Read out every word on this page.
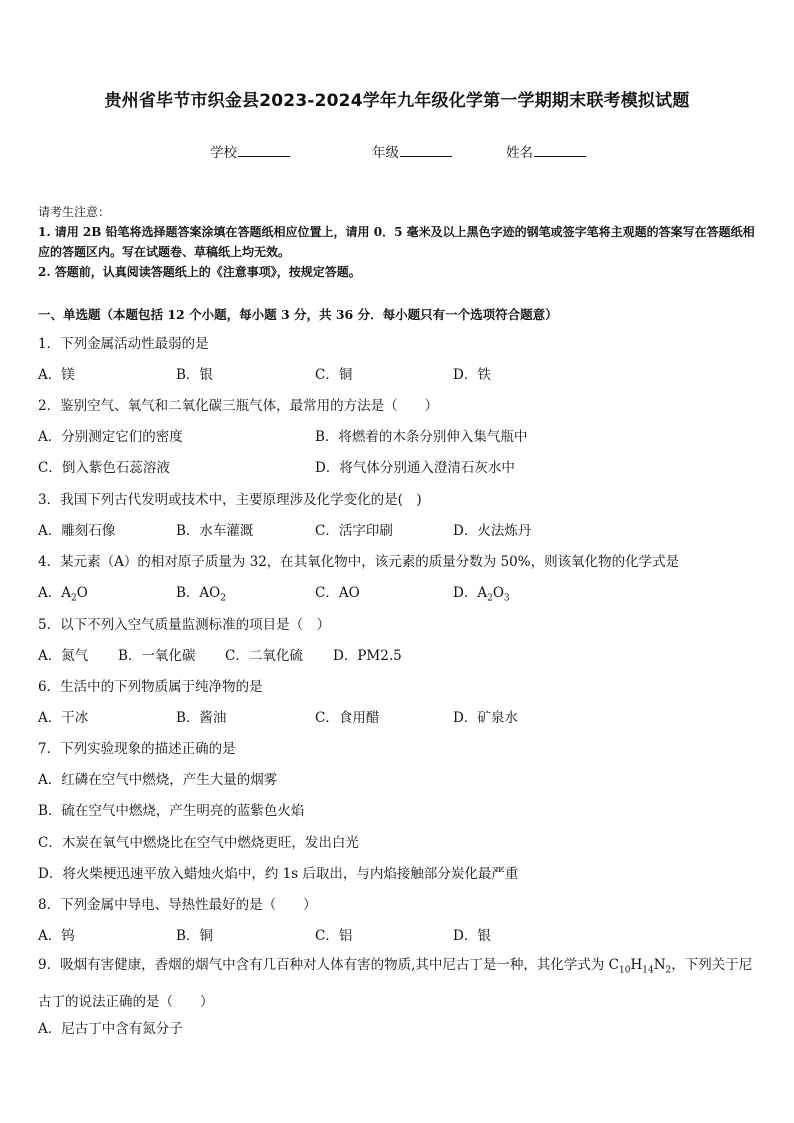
贵州省毕节市织金县2023-2024学年九年级化学第一学期期末联考模拟试题
学校	年级	姓名
请考生注意：
1. 请用 2B 铅笔将选择题答案涂填在答题纸相应位置上，请用 0．5 毫米及以上黑色字迹的钢笔或签字笔将主观题的答案写在答题纸相应的答题区内。写在试题卷、草稿纸上均无效。
2. 答题前，认真阅读答题纸上的《注意事项》，按规定答题。
一、单选题（本题包括 12 个小题，每小题 3 分，共 36 分．每小题只有一个选项符合题意）
1．下列金属活动性最弱的是
A．镁	B．银	C．铜	D．铁
2．鉴别空气、氧气和二氧化碳三瓶气体，最常用的方法是（　　）
A．分别测定它们的密度	B．将燃着的木条分别伸入集气瓶中
C．倒入紫色石蕊溶液	D．将气体分别通入澄清石灰水中
3．我国下列古代发明或技术中，主要原理涉及化学变化的是(　)
A．雕刻石像	B．水车灌溉	C．活字印刷	D．火法炼丹
4．某元素（A）的相对原子质量为 32，在其氧化物中，该元素的质量分数为 50%，则该氧化物的化学式是
A．$A_2O$	B．$AO_2$	C．AO	D．$A_2O_3$
5．以下不列入空气质量监测标准的项目是（　）
A．氮气 B．一氧化碳 C．二氧化硫 D．PM2.5
6．生活中的下列物质属于纯净物的是
A．干冰	B．酱油	C．食用醋	D．矿泉水
7．下列实验现象的描述正确的是
A．红磷在空气中燃烧，产生大量的烟雾
B．硫在空气中燃烧，产生明亮的蓝紫色火焰
C．木炭在氧气中燃烧比在空气中燃烧更旺，发出白光
D．将火柴梗迅速平放入蜡烛火焰中，约 1s 后取出，与内焰接触部分炭化最严重
8．下列金属中导电、导热性最好的是（　　）
A．钨	B．铜	C．铝	D．银
9．吸烟有害健康，香烟的烟气中含有几百种对人体有害的物质,其中尼古丁是一种，其化学式为 $C_{10}H_{14}N_2$，下列关于尼古丁的说法正确的是（　　）
A．尼古丁中含有氮分子
